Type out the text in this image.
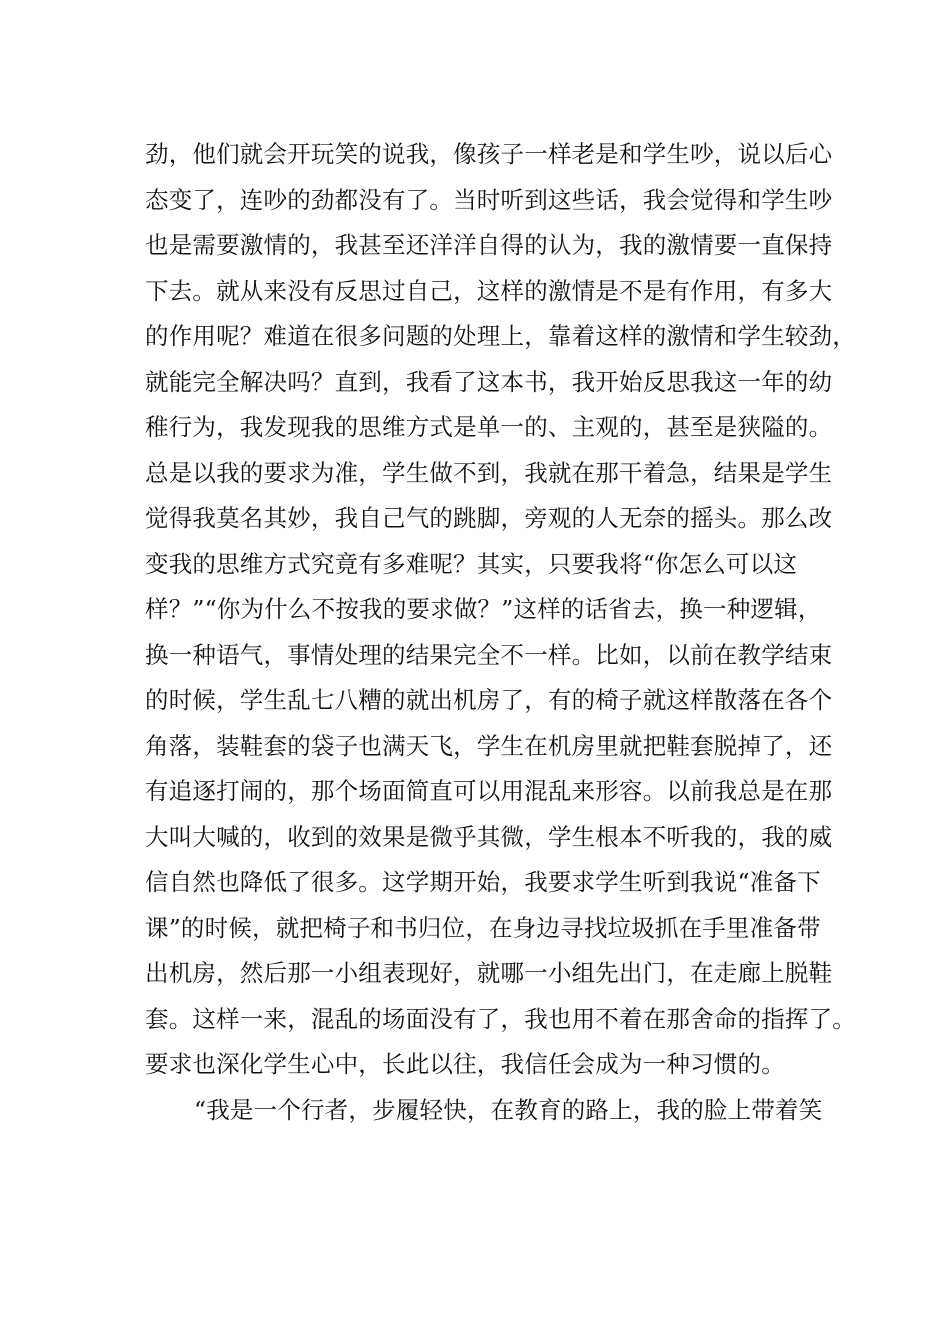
劲，他们就会开玩笑的说我，像孩子一样老是和学生吵，说以后心
态变了，连吵的劲都没有了。当时听到这些话，我会觉得和学生吵
也是需要激情的，我甚至还洋洋自得的认为，我的激情要一直保持
下去。就从来没有反思过自己，这样的激情是不是有作用，有多大
的作用呢？难道在很多问题的处理上，靠着这样的激情和学生较劲，
就能完全解决吗？直到，我看了这本书，我开始反思我这一年的幼
稚行为，我发现我的思维方式是单一的、主观的，甚至是狭隘的。
总是以我的要求为准，学生做不到，我就在那干着急，结果是学生
觉得我莫名其妙，我自己气的跳脚，旁观的人无奈的摇头。那么改
变我的思维方式究竟有多难呢？其实，只要我将“你怎么可以这
样？”“你为什么不按我的要求做？”这样的话省去，换一种逻辑，
换一种语气，事情处理的结果完全不一样。比如，以前在教学结束
的时候，学生乱七八糟的就出机房了，有的椅子就这样散落在各个
角落，装鞋套的袋子也满天飞，学生在机房里就把鞋套脱掉了，还
有追逐打闹的，那个场面简直可以用混乱来形容。以前我总是在那
大叫大喊的，收到的效果是微乎其微，学生根本不听我的，我的威
信自然也降低了很多。这学期开始，我要求学生听到我说“准备下
课”的时候，就把椅子和书归位，在身边寻找垃圾抓在手里准备带
出机房，然后那一小组表现好，就哪一小组先出门，在走廊上脱鞋
套。这样一来，混乱的场面没有了，我也用不着在那舍命的指挥了。
要求也深化学生心中，长此以往，我信任会成为一种习惯的。
“我是一个行者，步履轻快，在教育的路上，我的脸上带着笑
